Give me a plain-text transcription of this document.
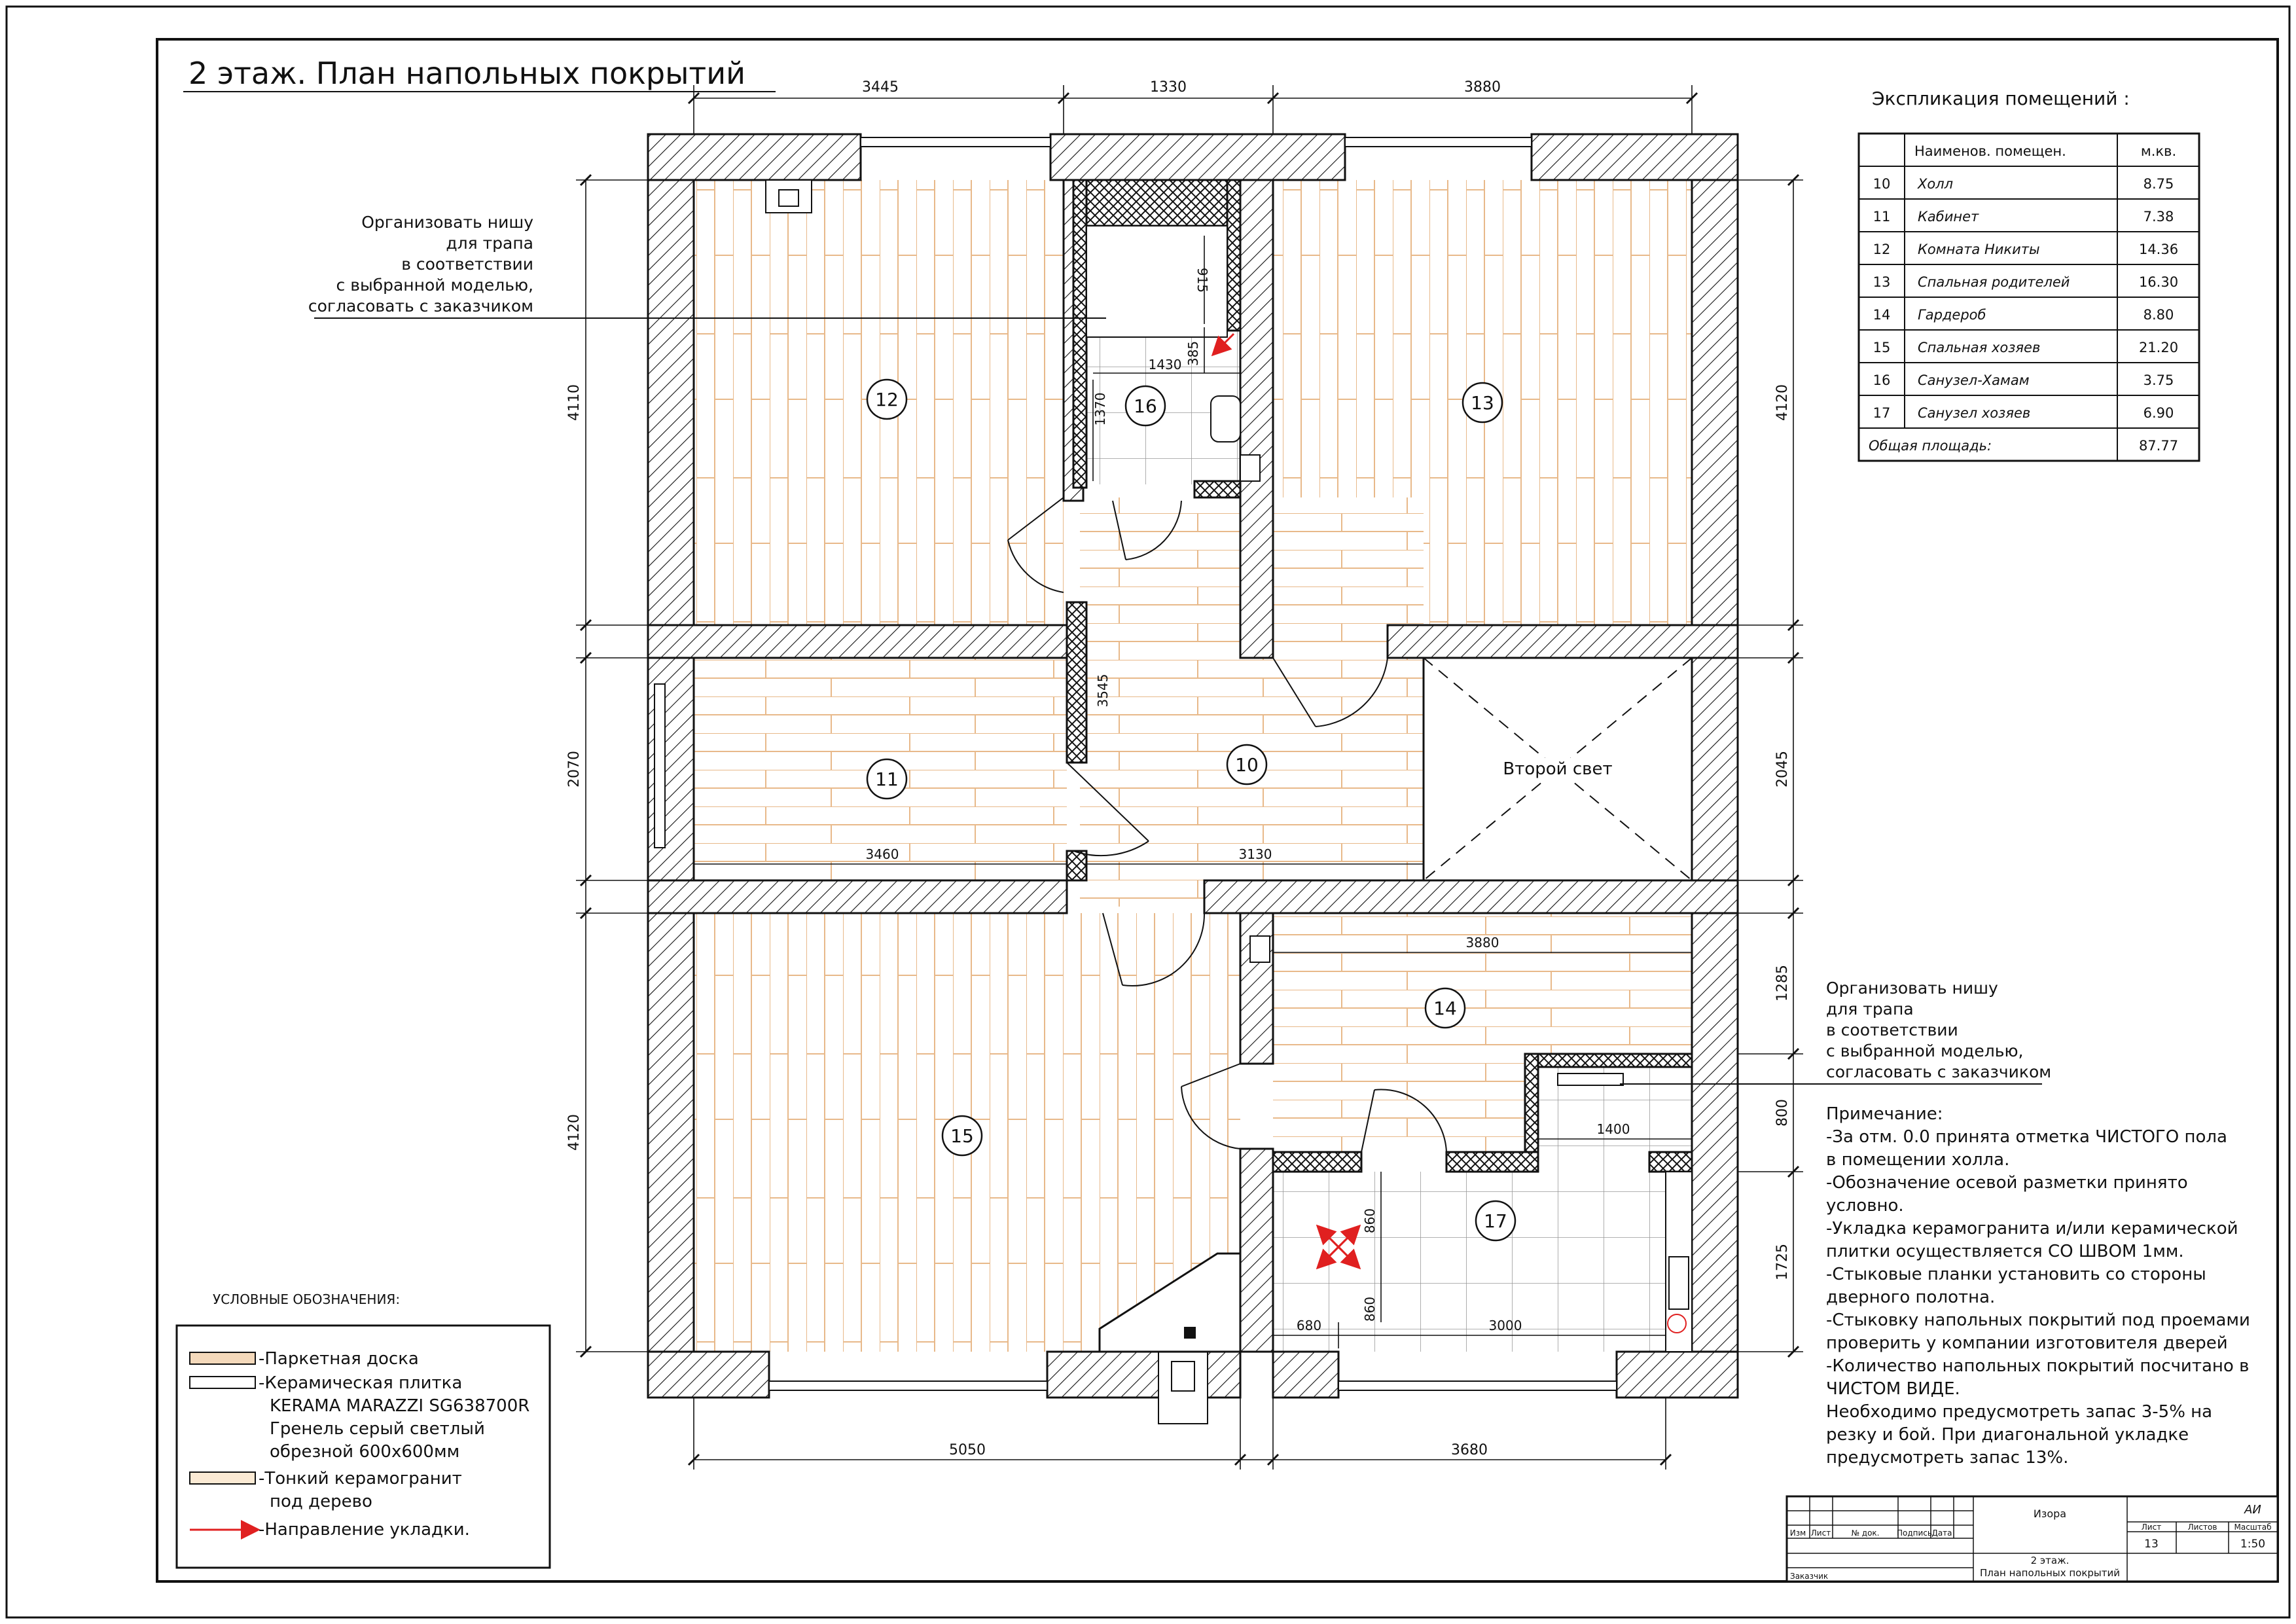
2 этаж. План напольных покрытий
Второй свет
12	13
16
11
10
14
15
17
3445	1330	3880
4110
2070
4120
4120
2045
1285
800
1725
5050	3680
915
385
1430
1370
3545
3460	3130
3880
1400
860
860
680	3000
Организовать нишу
для трапа
в соответствии
с выбранной моделью,
согласовать с заказчиком
Организовать нишу
для трапа
в соответствии
с выбранной моделью,
согласовать с заказчиком
Экспликация помещений :
Наименов. помещен.	м.кв.
10 Холл	8.75
11 Кабинет	7.38
12 Комната Никиты	14.36
13 Спальная родителей	16.30
14 Гардероб	8.80
15 Спальная хозяев	21.20
16 Санузел-Хамам	3.75
17 Санузел хозяев	6.90
Общая площадь:	87.77
Примечание:
-За отм. 0.0 принята отметка ЧИСТОГО пола
в помещении холла.
-Обозначение осевой разметки принято
условно.
-Укладка керамогранита и/или керамической
плитки осуществляется СО ШВОМ 1мм.
-Стыковые планки установить со стороны
дверного полотна.
-Стыковку напольных покрытий под проемами
проверить у компании изготовителя дверей
-Количество напольных покрытий посчитано в
ЧИСТОМ ВИДЕ.
Необходимо предусмотреть запас 3-5% на
резку и бой. При диагональной укладке
предусмотреть запас 13%.
УСЛОВНЫЕ ОБОЗНАЧЕНИЯ:
-Паркетная доска
-Керамическая плитка
KERAMA MARAZZI SG638700R
Гренель серый светлый
обрезной 600х600мм
-Тонкий керамогранит
под дерево
-Направление укладки.	Изм Лист	№ док. Подпись Дата
Изора	АИ
Лист	Листов Масштаб
13	1:50
2 этаж.
План напольных покрытий
Заказчик
